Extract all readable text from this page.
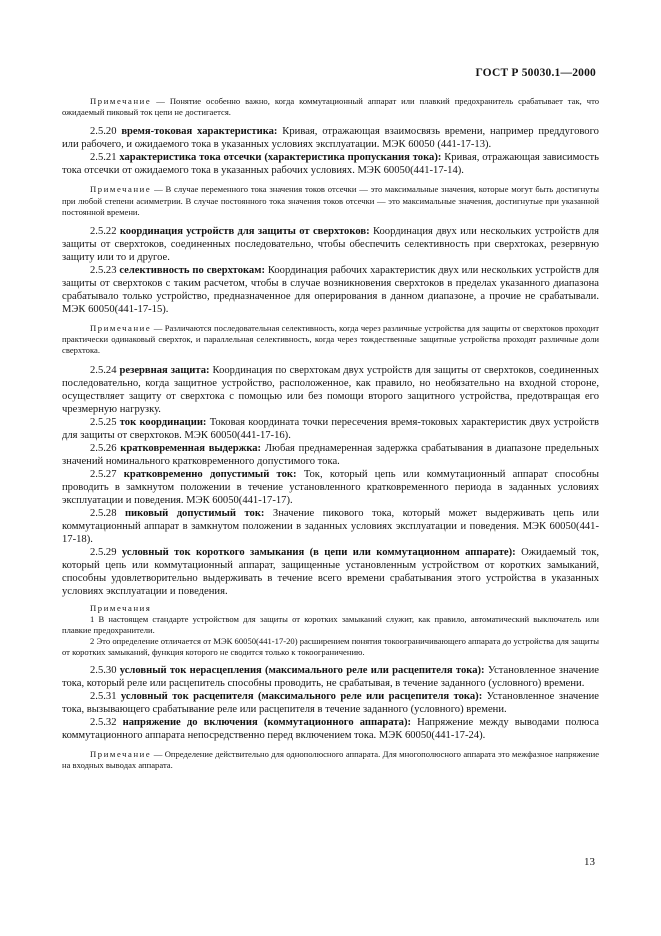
ГОСТ Р 50030.1—2000

Примечание — Понятие особенно важно, когда коммутационный аппарат или плавкий предохранитель срабатывает так, что ожидаемый пиковый ток цепи не достигается.

2.5.20 время-токовая характеристика: Кривая, отражающая взаимосвязь времени, например преддугового или рабочего, и ожидаемого тока в указанных условиях эксплуатации. МЭК 60050 (441-17-13).

2.5.21 характеристика тока отсечки (характеристика пропускания тока): Кривая, отражающая зависимость тока отсечки от ожидаемого тока в указанных рабочих условиях. МЭК 60050(441-17-14).

Примечание — В случае переменного тока значения токов отсечки — это максимальные значения, которые могут быть достигнуты при любой степени асимметрии. В случае постоянного тока значения токов отсечки — это максимальные значения, достигнутые при указанной постоянной времени.

2.5.22 координация устройств для защиты от сверхтоков: Координация двух или нескольких устройств для защиты от сверхтоков, соединенных последовательно, чтобы обеспечить селективность при сверхтоках, резервную защиту или то и другое.

2.5.23 селективность по сверхтокам: Координация рабочих характеристик двух или нескольких устройств для защиты от сверхтоков с таким расчетом, чтобы в случае возникновения сверхтоков в пределах указанного диапазона срабатывало только устройство, предназначенное для оперирования в данном диапазоне, а прочие не срабатывали. МЭК 60050(441-17-15).

Примечание — Различаются последовательная селективность, когда через различные устройства для защиты от сверхтоков проходит практически одинаковый сверхток, и параллельная селективность, когда через тождественные защитные устройства проходят различные доли сверхтока.

2.5.24 резервная защита: Координация по сверхтокам двух устройств для защиты от сверхтоков, соединенных последовательно, когда защитное устройство, расположенное, как правило, но необязательно на входной стороне, осуществляет защиту от сверхтока с помощью или без помощи второго защитного устройства, предотвращая его чрезмерную нагрузку.

2.5.25 ток координации: Токовая координата точки пересечения время-токовых характеристик двух устройств для защиты от сверхтоков. МЭК 60050(441-17-16).

2.5.26 кратковременная выдержка: Любая преднамеренная задержка срабатывания в диапазоне предельных значений номинального кратковременного допустимого тока.

2.5.27 кратковременно допустимый ток: Ток, который цепь или коммутационный аппарат способны проводить в замкнутом положении в течение установленного кратковременного периода в заданных условиях эксплуатации и поведения. МЭК 60050(441-17-17).

2.5.28 пиковый допустимый ток: Значение пикового тока, который может выдерживать цепь или коммутационный аппарат в замкнутом положении в заданных условиях эксплуатации и поведения. МЭК 60050(441-17-18).

2.5.29 условный ток короткого замыкания (в цепи или коммутационном аппарате): Ожидаемый ток, который цепь или коммутационный аппарат, защищенные установленным устройством от коротких замыканий, способны удовлетворительно выдерживать в течение всего времени срабатывания этого устройства в указанных условиях эксплуатации и поведения.

Примечания

1 В настоящем стандарте устройством для защиты от коротких замыканий служит, как правило, автоматический выключатель или плавкие предохранители.

2 Это определение отличается от МЭК 60050(441-17-20) расширением понятия токоограничивающего аппарата до устройства для защиты от коротких замыканий, функция которого не сводится только к токоограничению.

2.5.30 условный ток нерасцепления (максимального реле или расцепителя тока): Установленное значение тока, который реле или расцепитель способны проводить, не срабатывая, в течение заданного (условного) времени.

2.5.31 условный ток расцепителя (максимального реле или расцепителя тока): Установленное значение тока, вызывающего срабатывание реле или расцепителя в течение заданного (условного) времени.

2.5.32 напряжение до включения (коммутационного аппарата): Напряжение между выводами полюса коммутационного аппарата непосредственно перед включением тока. МЭК 60050(441-17-24).

Примечание — Определение действительно для однополюсного аппарата. Для многополюсного аппарата это межфазное напряжение на входных выводах аппарата.

13
